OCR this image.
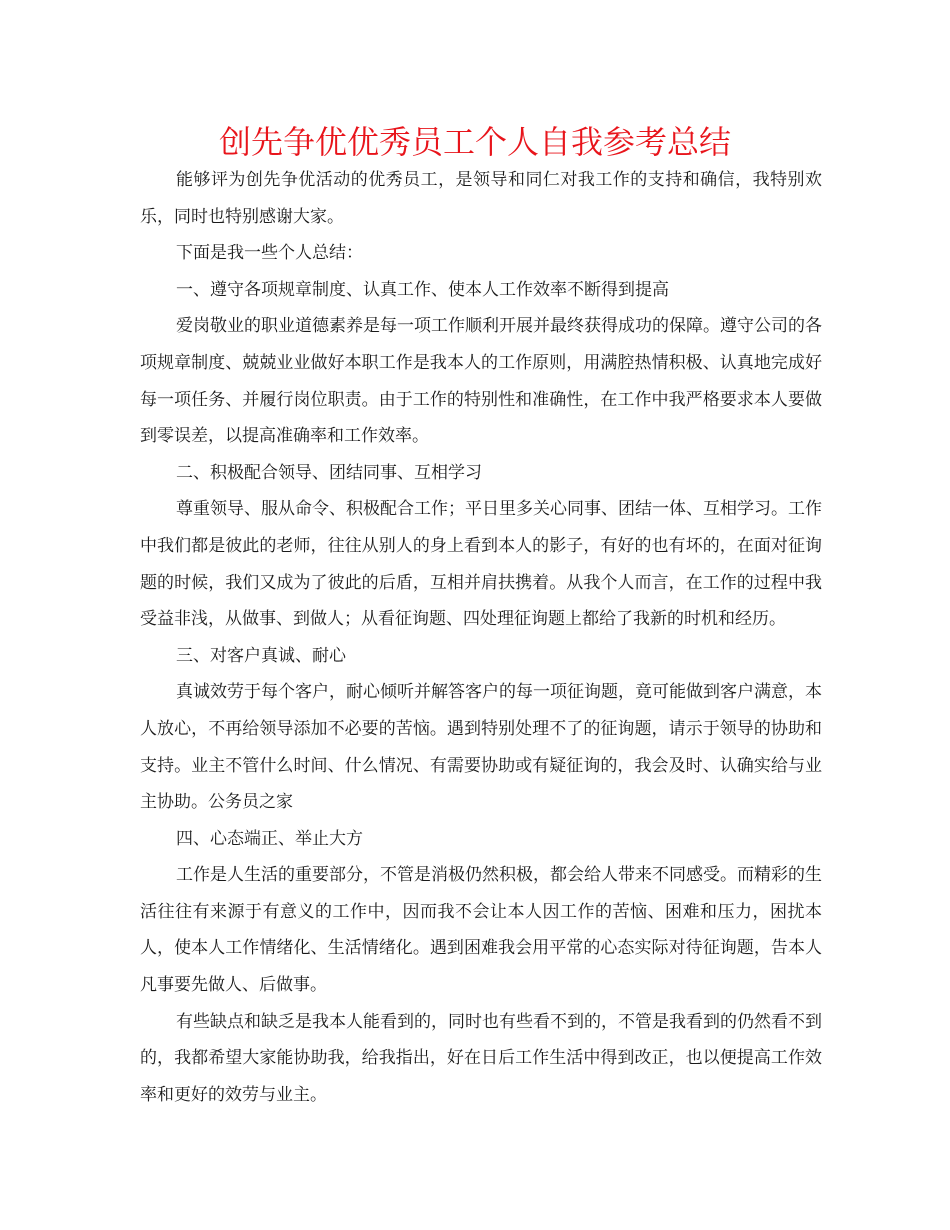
创先争优优秀员工个人自我参考总结

能够评为创先争优活动的优秀员工，是领导和同仁对我工作的支持和确信，我特别欢乐，同时也特别感谢大家。

下面是我一些个人总结：

一、遵守各项规章制度、认真工作、使本人工作效率不断得到提高

爱岗敬业的职业道德素养是每一项工作顺利开展并最终获得成功的保障。遵守公司的各项规章制度、兢兢业业做好本职工作是我本人的工作原则，用满腔热情积极、认真地完成好每一项任务、并履行岗位职责。由于工作的特别性和准确性，在工作中我严格要求本人要做到零误差，以提高准确率和工作效率。

二、积极配合领导、团结同事、互相学习

尊重领导、服从命令、积极配合工作；平日里多关心同事、团结一体、互相学习。工作中我们都是彼此的老师，往往从别人的身上看到本人的影子，有好的也有坏的，在面对征询题的时候，我们又成为了彼此的后盾，互相并肩扶携着。从我个人而言，在工作的过程中我受益非浅，从做事、到做人；从看征询题、四处理征询题上都给了我新的时机和经历。

三、对客户真诚、耐心

真诚效劳于每个客户，耐心倾听并解答客户的每一项征询题，竟可能做到客户满意，本人放心，不再给领导添加不必要的苦恼。遇到特别处理不了的征询题，请示于领导的协助和支持。业主不管什么时间、什么情况、有需要协助或有疑征询的，我会及时、认确实给与业主协助。公务员之家

四、心态端正、举止大方

工作是人生活的重要部分，不管是消极仍然积极，都会给人带来不同感受。而精彩的生活往往有来源于有意义的工作中，因而我不会让本人因工作的苦恼、困难和压力，困扰本人，使本人工作情绪化、生活情绪化。遇到困难我会用平常的心态实际对待征询题，告本人凡事要先做人、后做事。

有些缺点和缺乏是我本人能看到的，同时也有些看不到的，不管是我看到的仍然看不到的，我都希望大家能协助我，给我指出，好在日后工作生活中得到改正，也以便提高工作效率和更好的效劳与业主。
